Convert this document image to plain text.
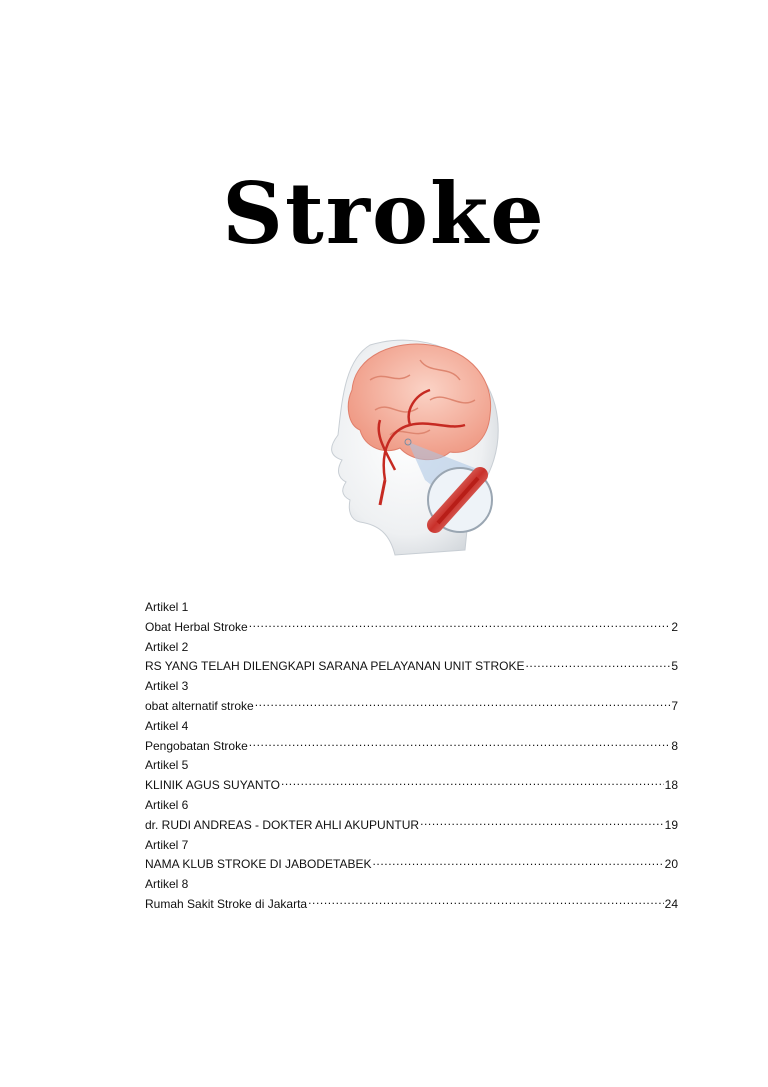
Stroke
Artikel 1
Obat Herbal Stroke .....	2
Artikel 2
RS YANG TELAH DILENGKAPI SARANA PELAYANAN UNIT STROKE .....	5
Artikel 3
obat alternatif stroke .....	7
Artikel 4
Pengobatan Stroke .....	8
Artikel 5
KLINIK AGUS SUYANTO .....	18
Artikel 6
dr. RUDI ANDREAS - DOKTER AHLI AKUPUNTUR .....	19
Artikel 7
NAMA KLUB STROKE DI JABODETABEK .....	20
Artikel 8
Rumah Sakit Stroke di Jakarta .....	24
